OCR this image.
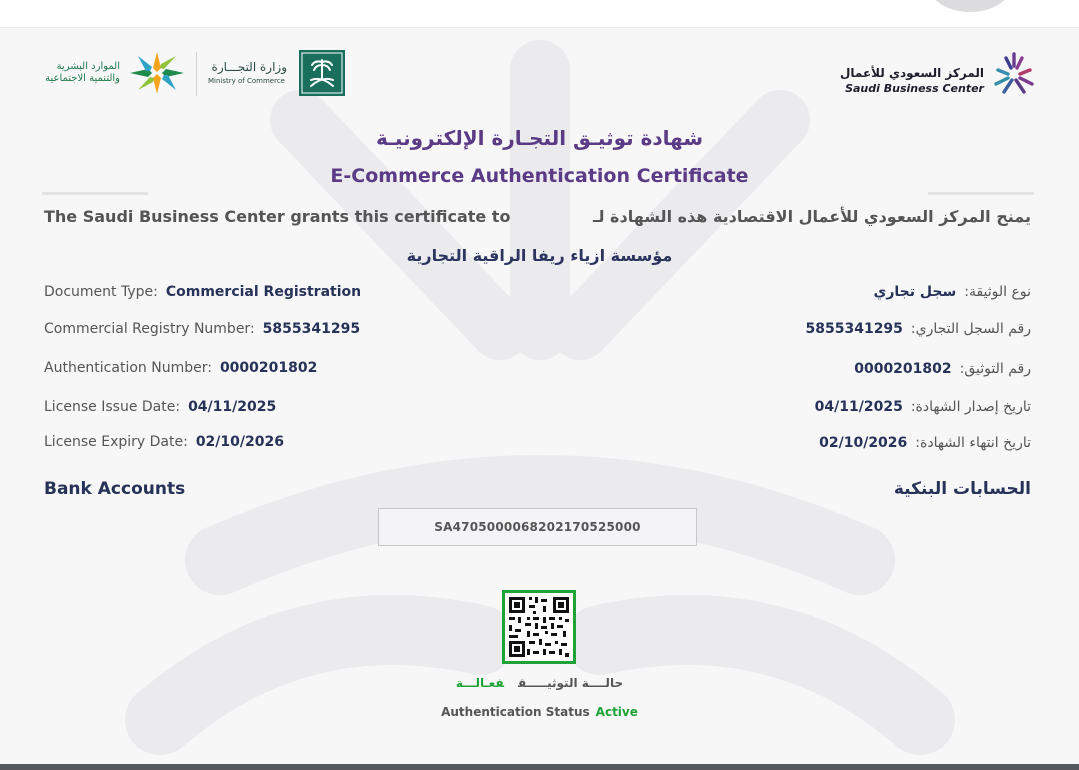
المركز السعودي للأعمال
Saudi Business Center
وزارة التجـــارة
Ministry of Commerce
الموارد البشرية
والتنمية الاجتماعية
شهادة توثيـق التجـارة الإلكترونيـة
E-Commerce Authentication Certificate
The Saudi Business Center grants this certificate to	يمنح المركز السعودي للأعمال الاقتصادية هذه الشهادة لـ
مؤسسة ازياء ريفا الراقية التجارية
Document Type: Commercial Registration
Commercial Registry Number: 5855341295
Authentication Number: 0000201802
License Issue Date: 04/11/2025
License Expiry Date: 02/10/2026
نوع الوثيقة:سجل تجاري
رقم السجل التجاري:5855341295
رقم التوثيق:0000201802
تاريخ إصدار الشهادة:04/11/2025
تاريخ انتهاء الشهادة:02/10/2026
Bank Accounts	الحسابات البنكية
SA4705000068202170525000
حالــــة التوثيـــــقفعـالـــة
Authentication Status Active
